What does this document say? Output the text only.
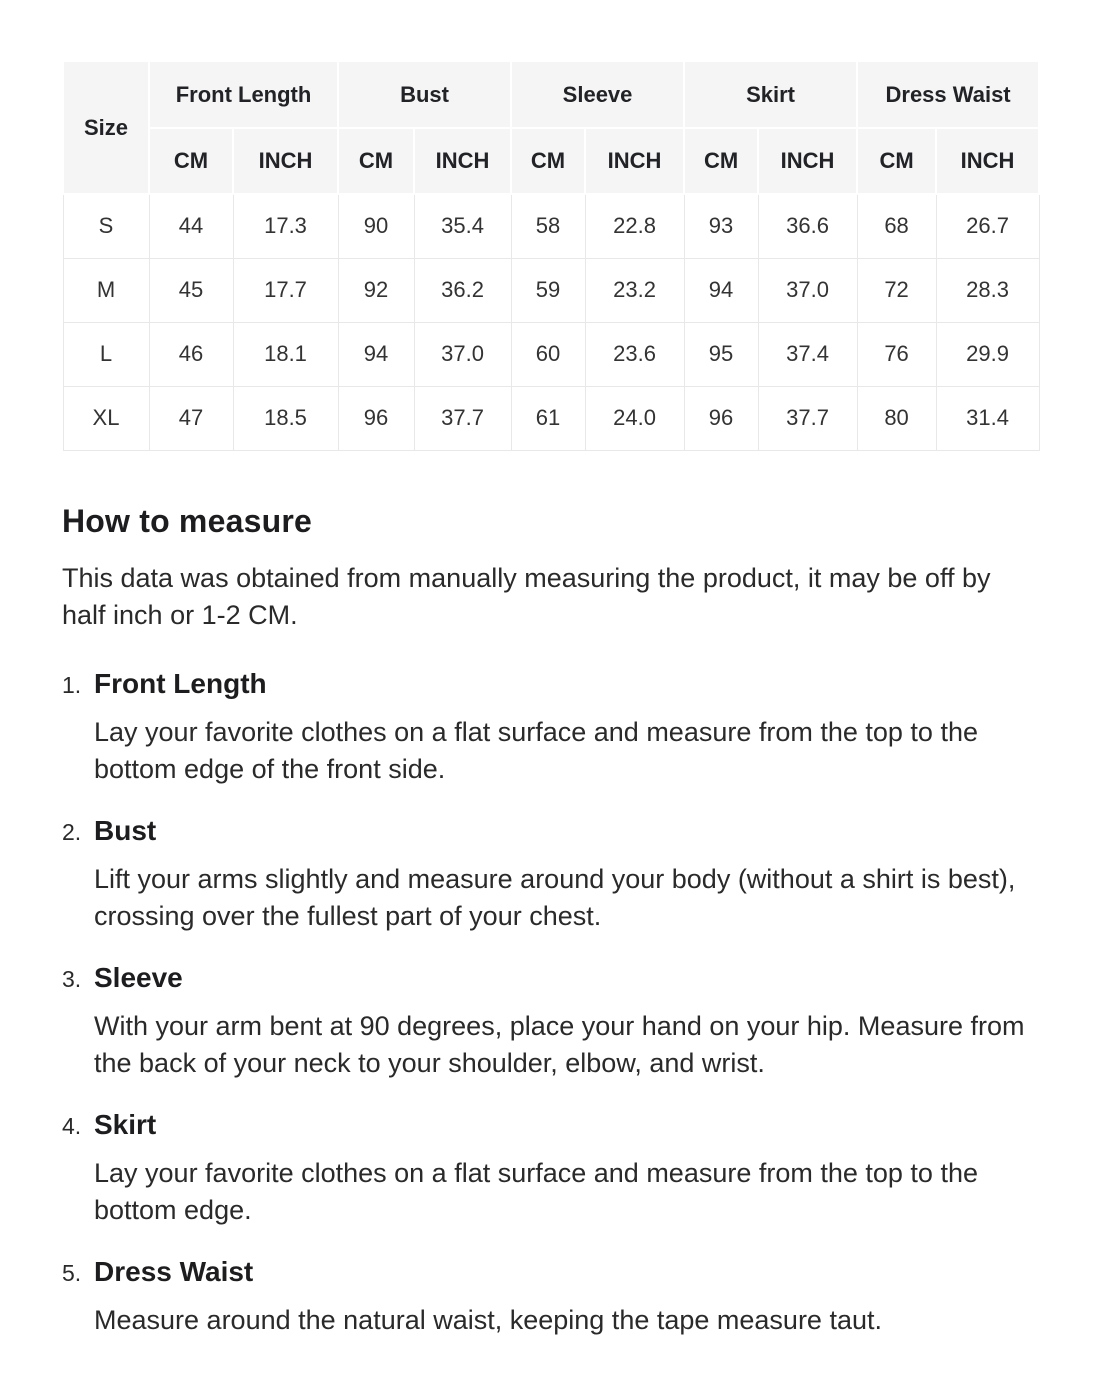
Size	Front Length		Bust		Sleeve		Skirt		Dress Waist	
	CM	INCH	CM	INCH	CM	INCH	CM	INCH	CM	INCH
S	44	17.3	90	35.4	58	22.8	93	36.6	68	26.7
M	45	17.7	92	36.2	59	23.2	94	37.0	72	28.3
L	46	18.1	94	37.0	60	23.6	95	37.4	76	29.9
XL	47	18.5	96	37.7	61	24.0	96	37.7	80	31.4
How to measure

This data was obtained from manually measuring the product, it may be off by half inch or 1-2 CM.

1. Front Length

Lay your favorite clothes on a flat surface and measure from the top to the bottom edge of the front side.

2. Bust

Lift your arms slightly and measure around your body (without a shirt is best), crossing over the fullest part of your chest.

3. Sleeve

With your arm bent at 90 degrees, place your hand on your hip. Measure from the back of your neck to your shoulder, elbow, and wrist.

4. Skirt

Lay your favorite clothes on a flat surface and measure from the top to the bottom edge.

5. Dress Waist

Measure around the natural waist, keeping the tape measure taut.
